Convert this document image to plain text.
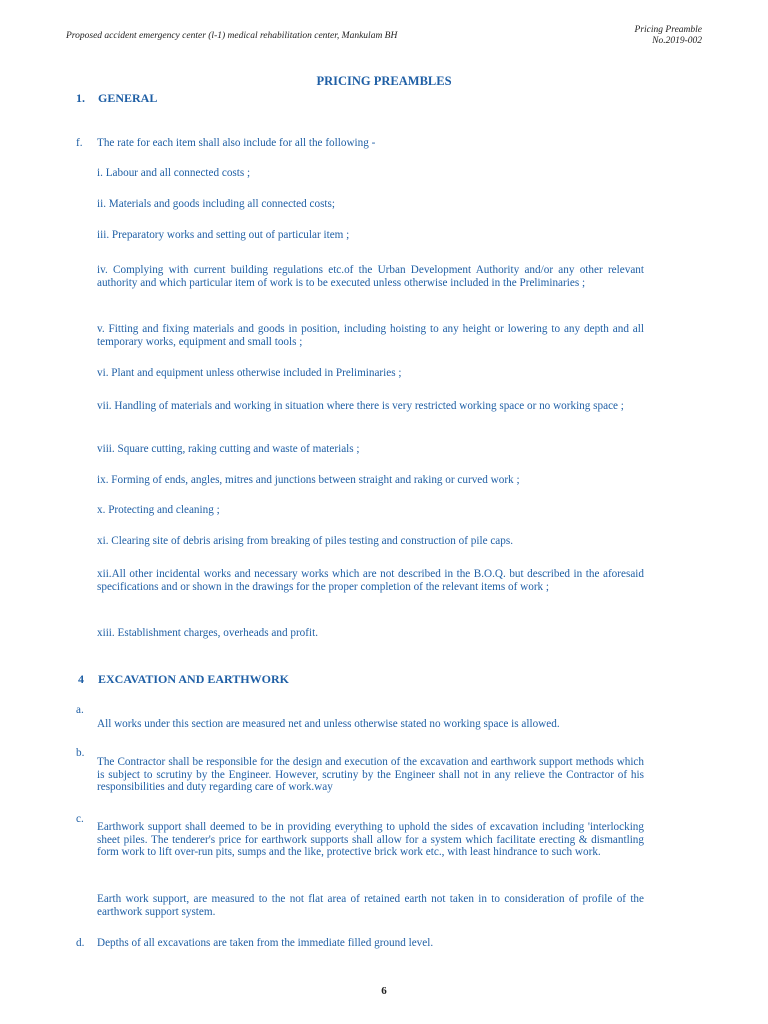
Proposed accident emergency center (l-1) medical rehabilitation center, Mankulam BH
Pricing Preamble
No.2019-002
PRICING PREAMBLES
1. GENERAL
f. The rate for each item shall also include for all the following -
i. Labour and all connected costs ;
ii. Materials and goods including all connected costs;
iii. Preparatory works and setting out of particular item ;
iv. Complying with current building regulations etc.of the Urban Development Authority and/or any other relevant authority and which particular item of work is to be executed unless otherwise included in the Preliminaries ;
v. Fitting and fixing materials and goods in position, including hoisting to any height or lowering to any depth and all temporary works, equipment and small tools ;
vi. Plant and equipment unless otherwise included in Preliminaries ;
vii. Handling of materials and working in situation where there is very restricted working space or no working space ;
viii. Square cutting, raking cutting and waste of materials ;
ix. Forming of ends, angles, mitres and junctions between straight and raking or curved work ;
x. Protecting and cleaning ;
xi. Clearing site of debris arising from breaking of piles testing and construction of pile caps.
xii.All other incidental works and necessary works which are not described in the B.O.Q. but described in the aforesaid specifications and or shown in the drawings for the proper completion of the relevant items of work ;
xiii. Establishment charges, overheads and profit.
4 EXCAVATION AND EARTHWORK
a.
All works under this section are measured net and unless otherwise stated no working space is allowed.
b.
The Contractor shall be responsible for the design and execution of the excavation and earthwork support methods which is subject to scrutiny by the Engineer. However, scrutiny by the Engineer shall not in any relieve the Contractor of his responsibilities and duty regarding care of work.way
c.
Earthwork support shall deemed to be in providing everything to uphold the sides of excavation including 'interlocking sheet piles. The tenderer's price for earthwork supports shall allow for a system which facilitate erecting & dismantling form work to lift over-run pits, sumps and the like, protective brick work etc., with least hindrance to such work.
Earth work support, are measured to the not flat area of retained earth not taken in to consideration of profile of the earthwork support system.
d. Depths of all excavations are taken from the immediate filled ground level.
6
